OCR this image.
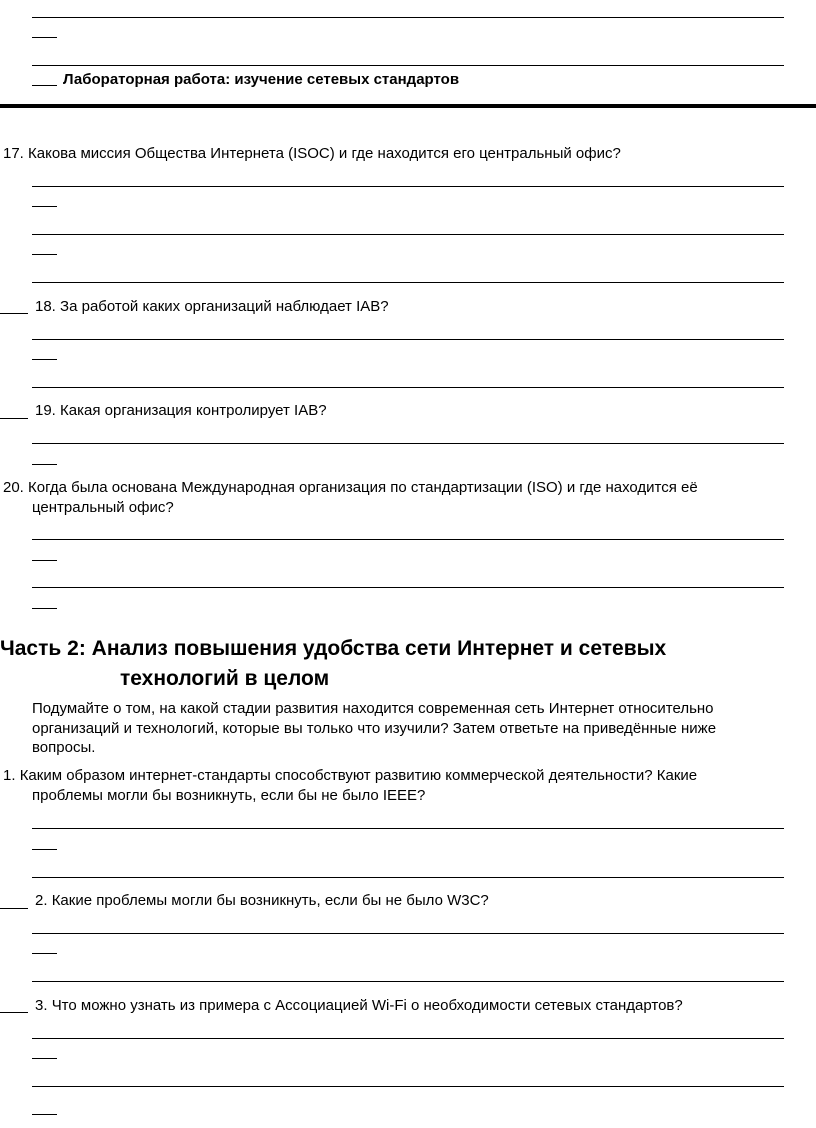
Лабораторная работа: изучение сетевых стандартов
17. Какова миссия Общества Интернета (ISOC) и где находится его центральный офис?
18. За работой каких организаций наблюдает IAB?
19. Какая организация контролирует IAB?
20. Когда была основана Международная организация по стандартизации (ISO) и где находится её
центральный офис?
Часть 2: Анализ повышения удобства сети Интернет и сетевых
технологий в целом
Подумайте о том, на какой стадии развития находится современная сеть Интернет относительно
организаций и технологий, которые вы только что изучили? Затем ответьте на приведённые ниже
вопросы.
1. Каким образом интернет-стандарты способствуют развитию коммерческой деятельности? Какие
проблемы могли бы возникнуть, если бы не было IEEE?
2. Какие проблемы могли бы возникнуть, если бы не было W3C?
3. Что можно узнать из примера с Ассоциацией Wi-Fi о необходимости сетевых стандартов?
